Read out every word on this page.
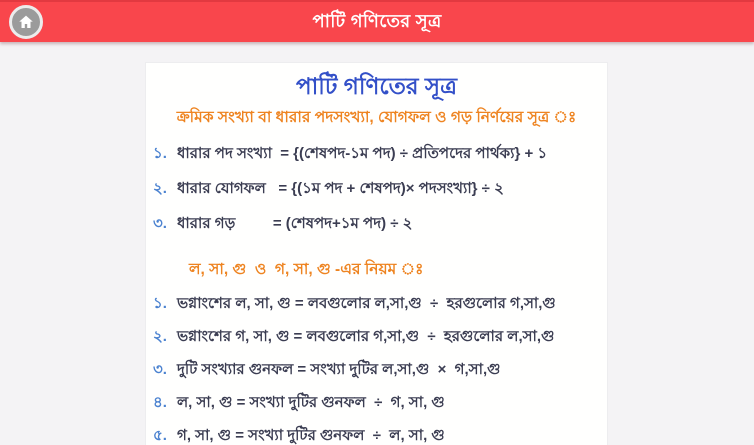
পাটি গণিতের সূত্র
পাটি গণিতের সূত্র
ক্রমিক সংখ্যা বা ধারার পদসংখ্যা, যোগফল ও গড় নির্ণয়ের সূত্র ঃ
১. ধারার পদ সংখ্যা  = {(শেষপদ-১ম পদ) ÷ প্রতিপদের পার্থক্য} + ১
২. ধারার যোগফল   = {(১ম পদ + শেষপদ)× পদসংখ্যা} ÷ ২
৩. ধারার গড়         = (শেষপদ+১ম পদ) ÷ ২
ল, সা, গু  ও  গ, সা, গু -এর নিয়ম ঃ
১. ভগ্নাংশের ল, সা, গু = লবগুলোর ল,সা,গু  ÷  হরগুলোর গ,সা,গু
২. ভগ্নাংশের গ, সা, গু = লবগুলোর গ,সা,গু  ÷  হরগুলোর ল,সা,গু
৩. দুটি সংখ্যার গুনফল = সংখ্যা দুটির ল,সা,গু  ×  গ,সা,গু
৪. ল, সা, গু = সংখ্যা দুটির গুনফল  ÷  গ, সা, গু
৫. গ, সা, গু = সংখ্যা দুটির গুনফল  ÷  ল, সা, গু
